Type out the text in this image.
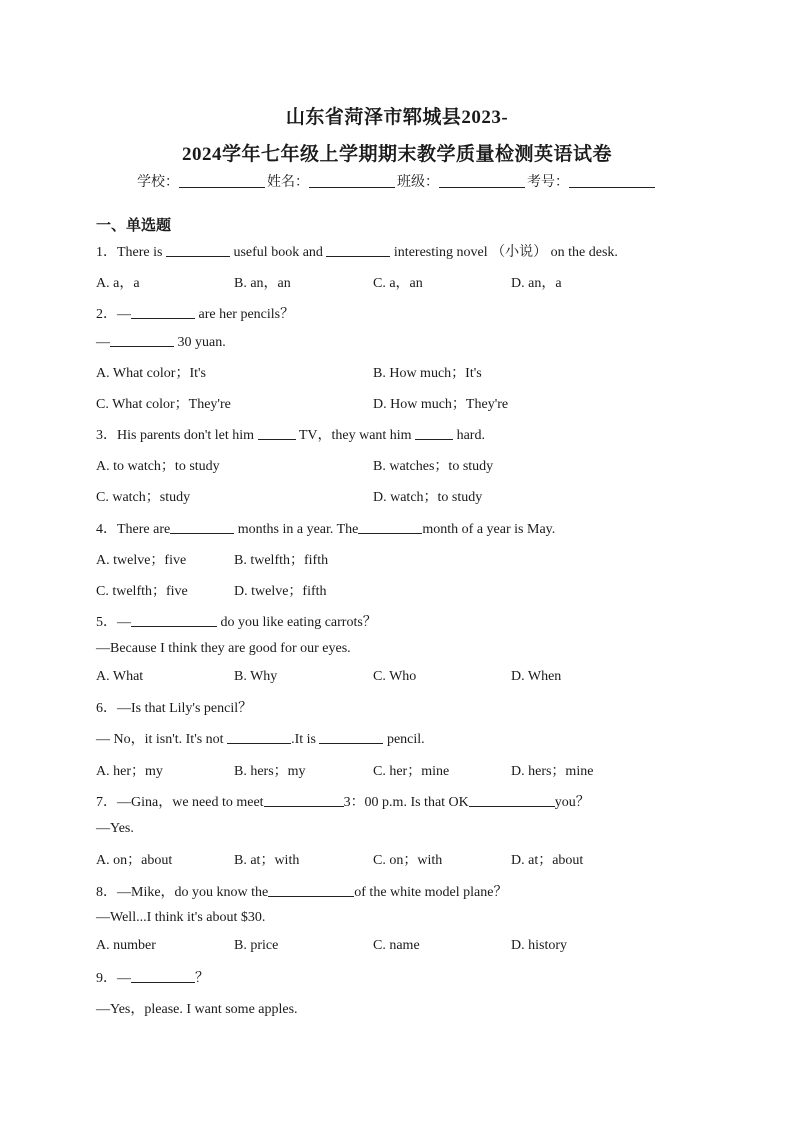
山东省菏泽市郓城县2023-
2024学年七年级上学期期末教学质量检测英语试卷
学校：	姓名：	班级：	考号：
一、单选题
1．There is	useful book and	interesting novel （小说） on the desk.
A. a，a	B. an，an	C. a，an	D. an，a
2．—	are her pencils？
—	30 yuan.
A. What color；It's	B. How much；It's
C. What color；They're	D. How much；They're
3．His parents don't let him	TV，they want him	hard.
A. to watch；to study	B. watches；to study
C. watch；study	D. watch；to study
4．There are	months in a year. The	month of a year is May.
A. twelve；five	B. twelfth；fifth
C. twelfth；five	D. twelve；fifth
5．—	do you like eating carrots？
—Because I think they are good for our eyes.
A. What	B. Why	C. Who	D. When
6．—Is that Lily's pencil？
— No，it isn't. It's not	.It is	pencil.
A. her；my	B. hers；my	C. her；mine	D. hers；mine
7．—Gina，we need to meet	3：00 p.m. Is that OK	you？
—Yes.
A. on；about	B. at；with	C. on；with	D. at；about
8．—Mike，do you know the	of the white model plane？
—Well...I think it's about $30.
A. number	B. price	C. name	D. history
9．—	？
—Yes，please. I want some apples.
